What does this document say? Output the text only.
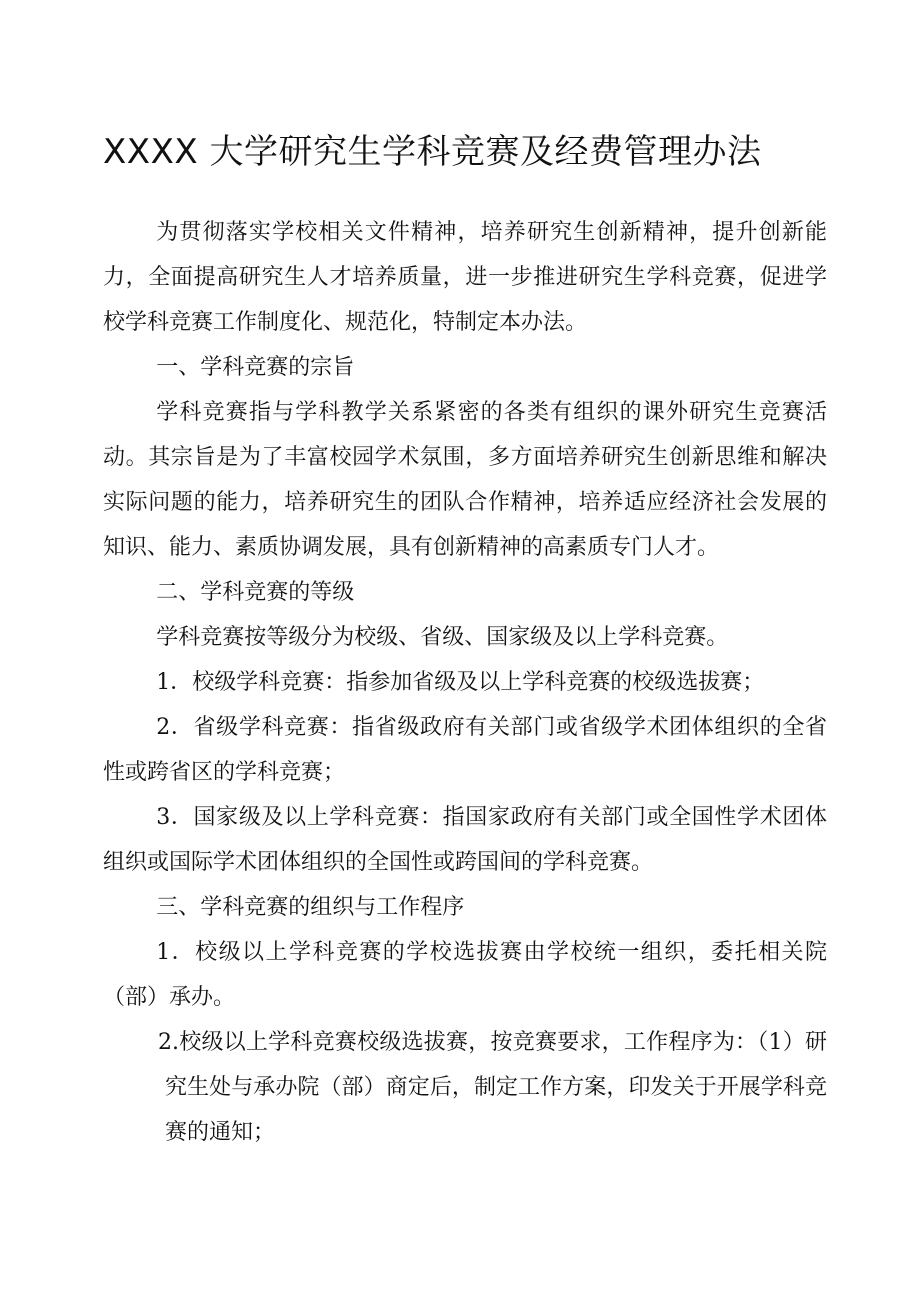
XXXX 大学研究生学科竞赛及经费管理办法

为贯彻落实学校相关文件精神，培养研究生创新精神，提升创新能力，全面提高研究生人才培养质量，进一步推进研究生学科竞赛，促进学校学科竞赛工作制度化、规范化，特制定本办法。

一、学科竞赛的宗旨

学科竞赛指与学科教学关系紧密的各类有组织的课外研究生竞赛活动。其宗旨是为了丰富校园学术氛围，多方面培养研究生创新思维和解决实际问题的能力，培养研究生的团队合作精神，培养适应经济社会发展的知识、能力、素质协调发展，具有创新精神的高素质专门人才。

二、学科竞赛的等级

学科竞赛按等级分为校级、省级、国家级及以上学科竞赛。

1．校级学科竞赛：指参加省级及以上学科竞赛的校级选拔赛；

2．省级学科竞赛：指省级政府有关部门或省级学术团体组织的全省性或跨省区的学科竞赛；

3．国家级及以上学科竞赛：指国家政府有关部门或全国性学术团体组织或国际学术团体组织的全国性或跨国间的学科竞赛。

三、学科竞赛的组织与工作程序

1．校级以上学科竞赛的学校选拔赛由学校统一组织，委托相关院（部）承办。

2.校级以上学科竞赛校级选拔赛，按竞赛要求，工作程序为：（1）研究生处与承办院（部）商定后，制定工作方案，印发关于开展学科竞赛的通知；
